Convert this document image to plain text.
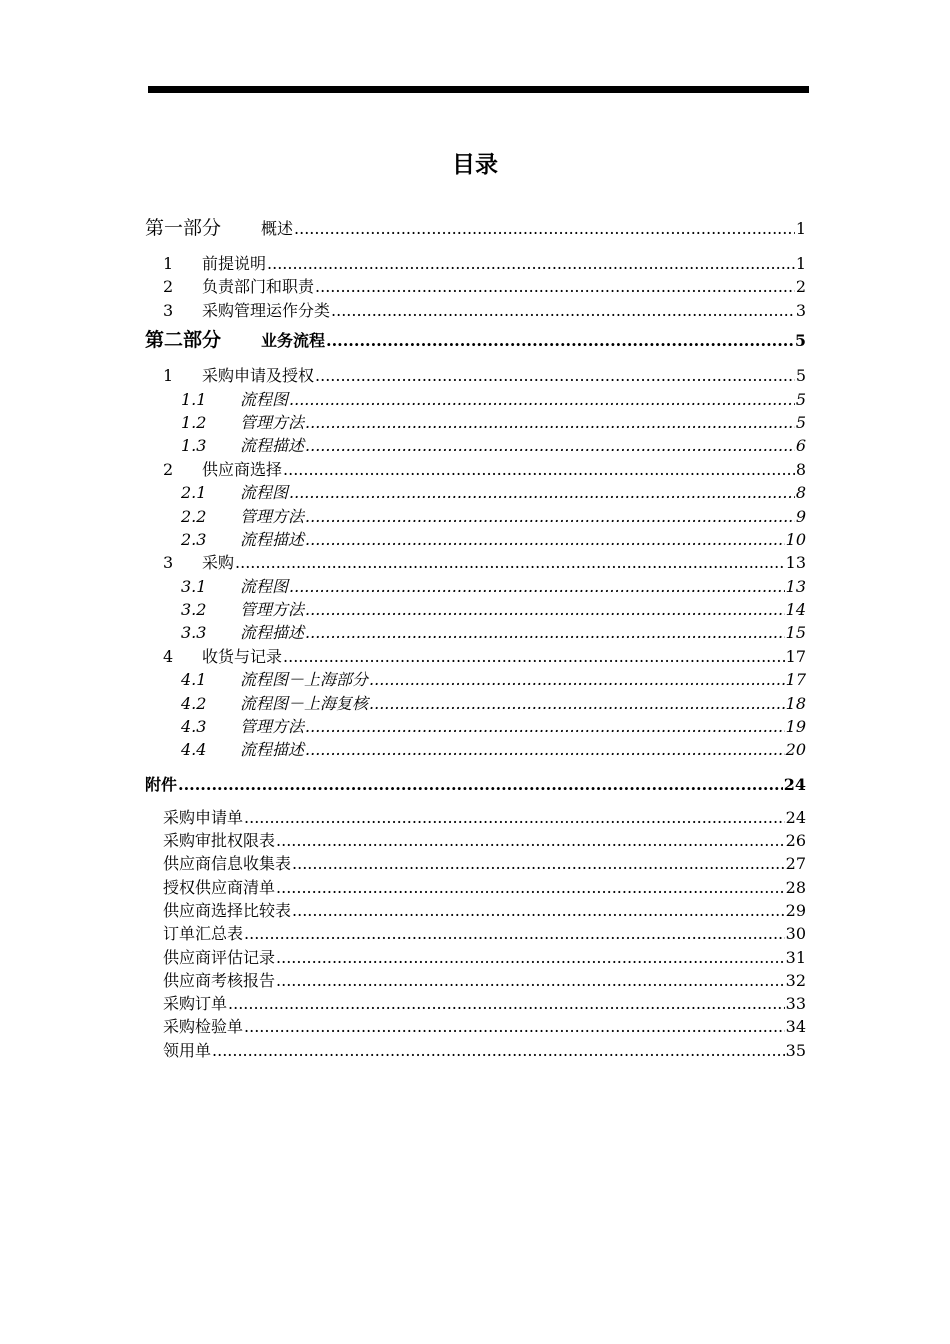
目录
第一部分	概述 .....	1
1	前提说明 .....	1
2	负责部门和职责 .....	2
3	采购管理运作分类 .....	3
第二部分	业务流程 .....	5
1	采购申请及授权 .....	5
1.1	流程图 .....	5
1.2	管理方法 .....	5
1.3	流程描述 .....	6
2	供应商选择 .....	8
2.1	流程图 .....	8
2.2	管理方法 .....	9
2.3	流程描述 .....	10
3	采购 .....	13
3.1	流程图 .....	13
3.2	管理方法 .....	14
3.3	流程描述 .....	15
4	收货与记录 .....	17
4.1	流程图－上海部分 .....	17
4.2	流程图－上海复核 .....	18
4.3	管理方法 .....	19
4.4	流程描述 .....	20
附件 .....	24
采购申请单 .....	24
采购审批权限表 .....	26
供应商信息收集表 .....	27
授权供应商清单 .....	28
供应商选择比较表 .....	29
订单汇总表 .....	30
供应商评估记录 .....	31
供应商考核报告 .....	32
采购订单 .....	33
采购检验单 .....	34
领用单 .....	35
